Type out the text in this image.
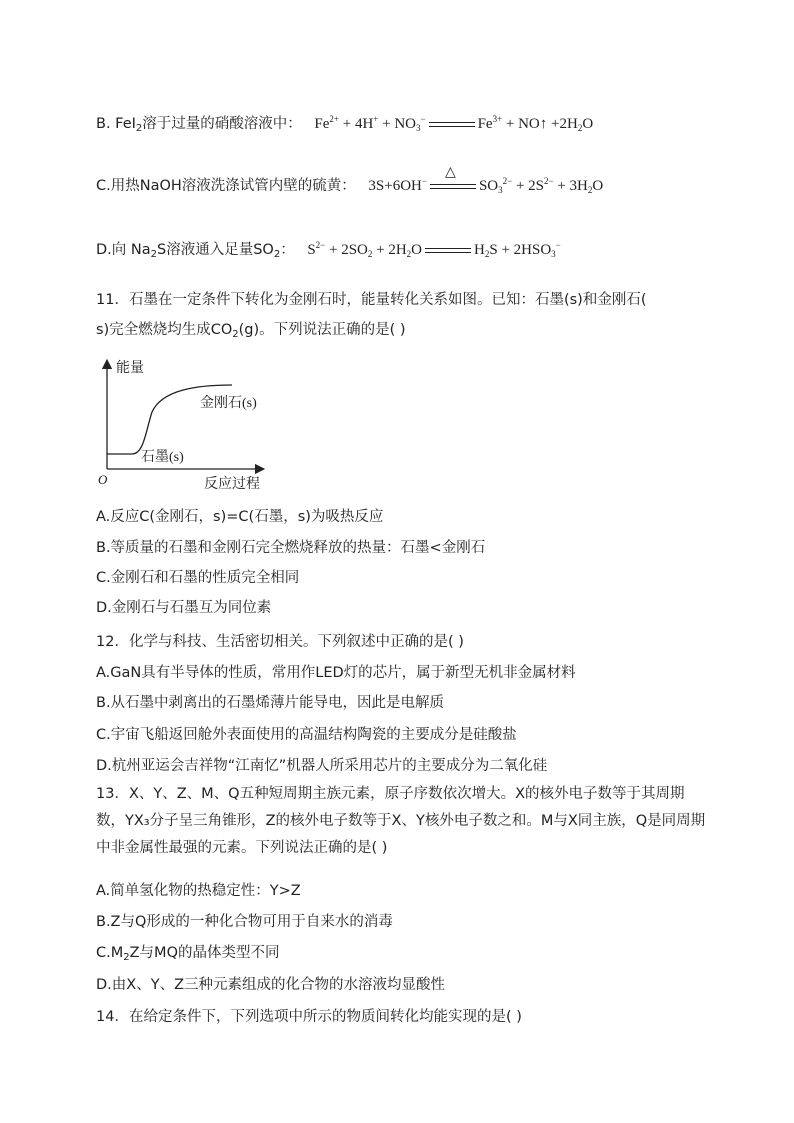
B. FeI$_2$溶于过量的硝酸溶液中： $Fe^{2+} + 4H^+ + NO_3^-$	$Fe^{3+}$ + NO↑ $+2H_2O$
C.用热NaOH溶液洗涤试管内壁的硫黄： 3S+6OH−
△
$SO_3^{2-} + 2S^{2-} + 3H_2O$
D.向 $Na_2S$溶液通入足量$SO_2$： $S^{2-} + 2SO_2 + 2H_2O$	$H_2S + 2HSO_3^-$
11．石墨在一定条件下转化为金刚石时，能量转化关系如图。已知：石墨(s)和金刚石(
s)完全燃烧均生成$CO_2(g)$。下列说法正确的是( )
能量
反应过程
O
金刚石(s)
石墨(s)
A.反应C(金刚石，s)=C(石墨，s)为吸热反应
B.等质量的石墨和金刚石完全燃烧释放的热量：石墨<金刚石
C.金刚石和石墨的性质完全相同
D.金刚石与石墨互为同位素
12．化学与科技、生活密切相关。下列叙述中正确的是( )
A.GaN具有半导体的性质，常用作LED灯的芯片，属于新型无机非金属材料
B.从石墨中剥离出的石墨烯薄片能导电，因此是电解质
C.宇宙飞船返回舱外表面使用的高温结构陶瓷的主要成分是硅酸盐
D.杭州亚运会吉祥物“江南忆”机器人所采用芯片的主要成分为二氧化硅
13．X、Y、Z、M、Q五种短周期主族元素，原子序数依次增大。X的核外电子数等于其周期数，YX₃分子呈三角锥形，Z的核外电子数等于X、Y核外电子数之和。M与X同主族，Q是同周期中非金属性最强的元素。下列说法正确的是( )
A.简单氢化物的热稳定性：Y>Z
B.Z与Q形成的一种化合物可用于自来水的消毒
$C.M_2Z$与MQ的晶体类型不同
D.由X、Y、Z三种元素组成的化合物的水溶液均显酸性
14．在给定条件下，下列选项中所示的物质间转化均能实现的是( )
